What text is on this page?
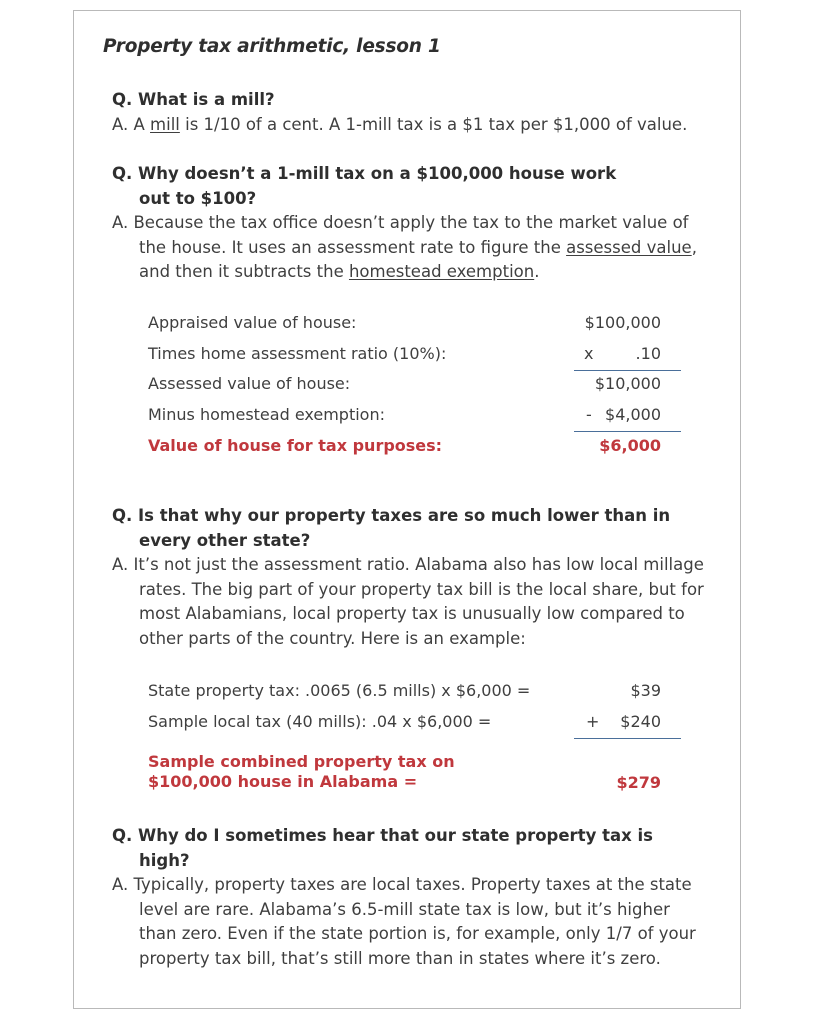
Property tax arithmetic, lesson 1
Q. What is a mill?
A. A mill is 1/10 of a cent. A 1-mill tax is a $1 tax per $1,000 of value.
Q. Why doesn’t a 1-mill tax on a $100,000 house work out to $100?
A. Because the tax office doesn’t apply the tax to the market value of the house. It uses an assessment rate to figure the assessed value, and then it subtracts the homestead exemption.
Appraised value of house:	$100,000
Times home assessment ratio (10%):	x	.10
Assessed value of house:	$10,000
Minus homestead exemption:	- $4,000
Value of house for tax purposes:	$6,000
Q. Is that why our property taxes are so much lower than in every other state?
A. It’s not just the assessment ratio. Alabama also has low local millage rates. The big part of your property tax bill is the local share, but for most Alabamians, local property tax is unusually low compared to other parts of the country. Here is an example:
State property tax: .0065 (6.5 mills) x $6,000 =	$39
Sample local tax (40 mills): .04 x $6,000 =	+ $240
Sample combined property tax on
$100,000 house in Alabama =	$279
Q. Why do I sometimes hear that our state property tax is high?
A. Typically, property taxes are local taxes. Property taxes at the state level are rare. Alabama’s 6.5-mill state tax is low, but it’s higher than zero. Even if the state portion is, for example, only 1/7 of your property tax bill, that’s still more than in states where it’s zero.
